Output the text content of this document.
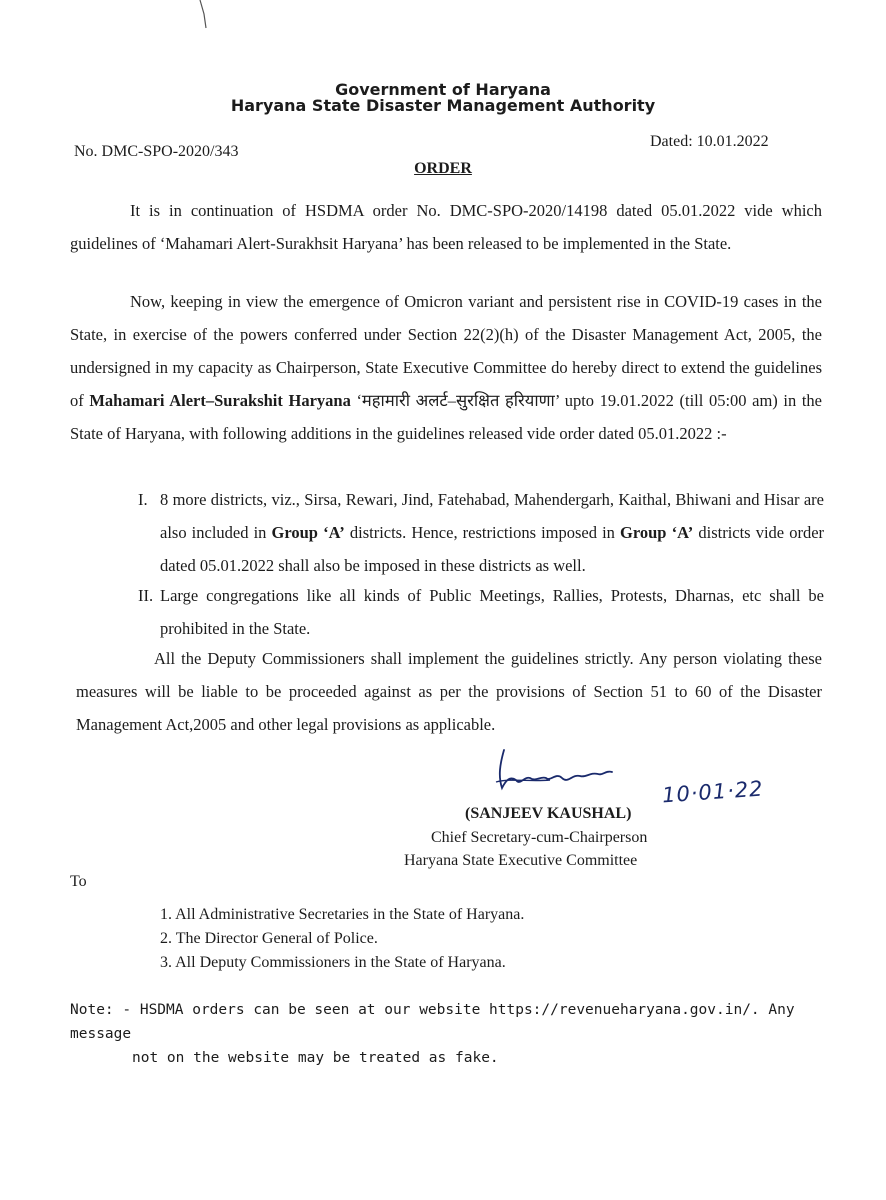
Government of Haryana
Haryana State Disaster Management Authority
No. DMC-SPO-2020/343
Dated: 10.01.2022
ORDER
It is in continuation of HSDMA order No. DMC-SPO-2020/14198 dated 05.01.2022 vide which guidelines of ‘Mahamari Alert-Surakhsit Haryana’ has been released to be implemented in the State.
Now, keeping in view the emergence of Omicron variant and persistent rise in COVID-19 cases in the State, in exercise of the powers conferred under Section 22(2)(h) of the Disaster Management Act, 2005, the undersigned in my capacity as Chairperson, State Executive Committee do hereby direct to extend the guidelines of Mahamari Alert–Surakshit Haryana ‘महामारी अलर्ट–सुरक्षित हरियाणा’ upto 19.01.2022 (till 05:00 am) in the State of Haryana, with following additions in the guidelines released vide order dated 05.01.2022 :-
I. 8 more districts, viz., Sirsa, Rewari, Jind, Fatehabad, Mahendergarh, Kaithal, Bhiwani and Hisar are also included in Group ‘A’ districts. Hence, restrictions imposed in Group ‘A’ districts vide order dated 05.01.2022 shall also be imposed in these districts as well.
II. Large congregations like all kinds of Public Meetings, Rallies, Protests, Dharnas, etc shall be prohibited in the State.
All the Deputy Commissioners shall implement the guidelines strictly. Any person violating these measures will be liable to be proceeded against as per the provisions of Section 51 to 60 of the Disaster Management Act,2005 and other legal provisions as applicable.
10·01·22
(SANJEEV KAUSHAL)
Chief Secretary-cum-Chairperson
Haryana State Executive Committee
To
1. All Administrative Secretaries in the State of Haryana.
2. The Director General of Police.
3. All Deputy Commissioners in the State of Haryana.
Note: - HSDMA orders can be seen at our website https://revenueharyana.gov.in/. Any message
not on the website may be treated as fake.
